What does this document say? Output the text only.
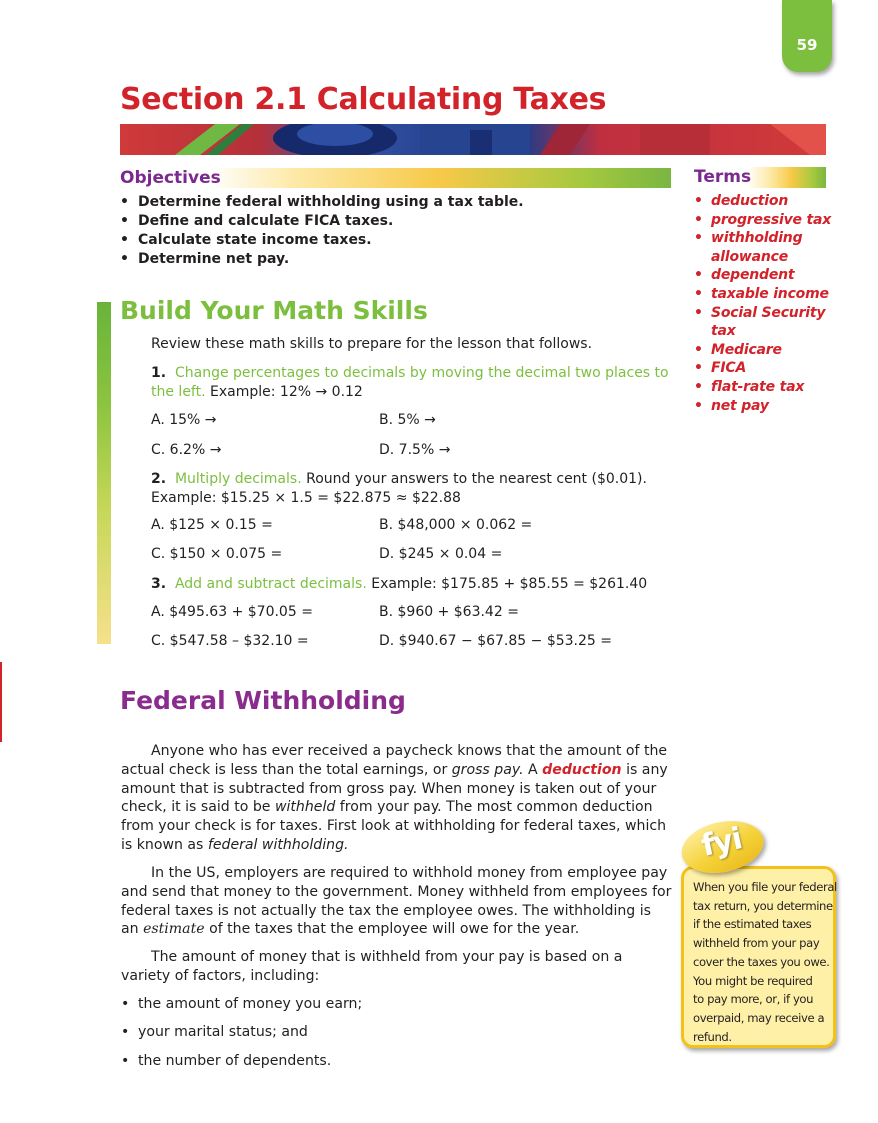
59
Section 2.1 Calculating Taxes
Objectives
• Determine federal withholding using a tax table.
• Deﬁne and calculate FICA taxes.
• Calculate state income taxes.
• Determine net pay.
Terms
• deduction
• progressive tax
• withholding allowance
• dependent
• taxable income
• Social Security tax
• Medicare
• FICA
• ﬂat-rate tax
• net pay
Build Your Math Skills
Review these math skills to prepare for the lesson that follows.
1. Change percentages to decimals by moving the decimal two places to the left. Example: 12% → 0.12
A. 15% →	B. 5% →
C. 6.2% →	D. 7.5% →
2. Multiply decimals. Round your answers to the nearest cent ($0.01).
Example: $15.25 × 1.5 = $22.875 ≈ $22.88
A. $125 × 0.15 =	B. $48,000 × 0.062 =
C. $150 × 0.075 =	D. $245 × 0.04 =
3. Add and subtract decimals. Example: $175.85 + $85.55 = $261.40
A. $495.63 + $70.05 =	B. $960 + $63.42 =
C. $547.58 – $32.10 =	D. $940.67 − $67.85 − $53.25 =
Federal Withholding

Anyone who has ever received a paycheck knows that the amount of the actual check is less than the total earnings, or gross pay. A deduction is any amount that is subtracted from gross pay. When money is taken out of your check, it is said to be withheld from your pay. The most common deduction from your check is for taxes. First look at withholding for federal taxes, which is known as federal withholding.

In the US, employers are required to withhold money from employee pay and send that money to the government. Money withheld from employees for federal taxes is not actually the tax the employee owes. The withholding is an estimate of the taxes that the employee will owe for the year.

The amount of money that is withheld from your pay is based on a variety of factors, including:

• the amount of money you earn;
• your marital status; and
• the number of dependents.
When you ﬁle your federal
tax return, you determine
if the estimated taxes
withheld from your pay
cover the taxes you owe.
You might be required
to pay more, or, if you
overpaid, may receive a
refund.
fyi
